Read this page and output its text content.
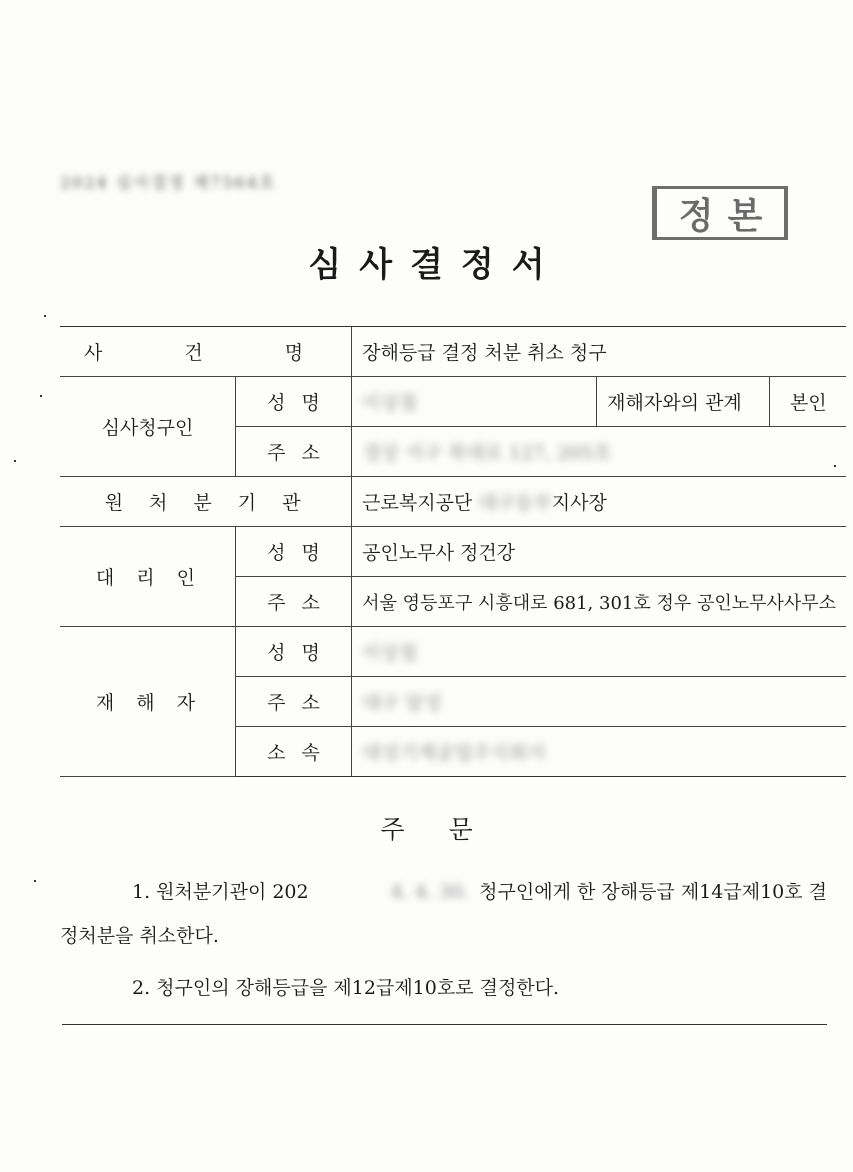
2024 심사결정 제7564호
정본
심사결정서
사 건 명		장해등급 결정 처분 취소 청구		
심사청구인	성명	이상철	재해자와의 관계	본인
	주소	경상 서구 북대로 127, 205호		
원처분기관		근로복지공단 대구동부지사장		
대리인	성명	공인노무사 정건강		
	주소	서울 영등포구 시흥대로 681, 301호 정우 공인노무사사무소		
재해자	성명	이상철		
	주소	대구 달성		
	소속	대성기계공업주식회사		
주문
1. 원처분기관이 202	4. 4. 30. 청구인에게 한 장해등급 제14급제10호 결정처분을 취소한다.
2. 청구인의 장해등급을 제12급제10호로 결정한다.
